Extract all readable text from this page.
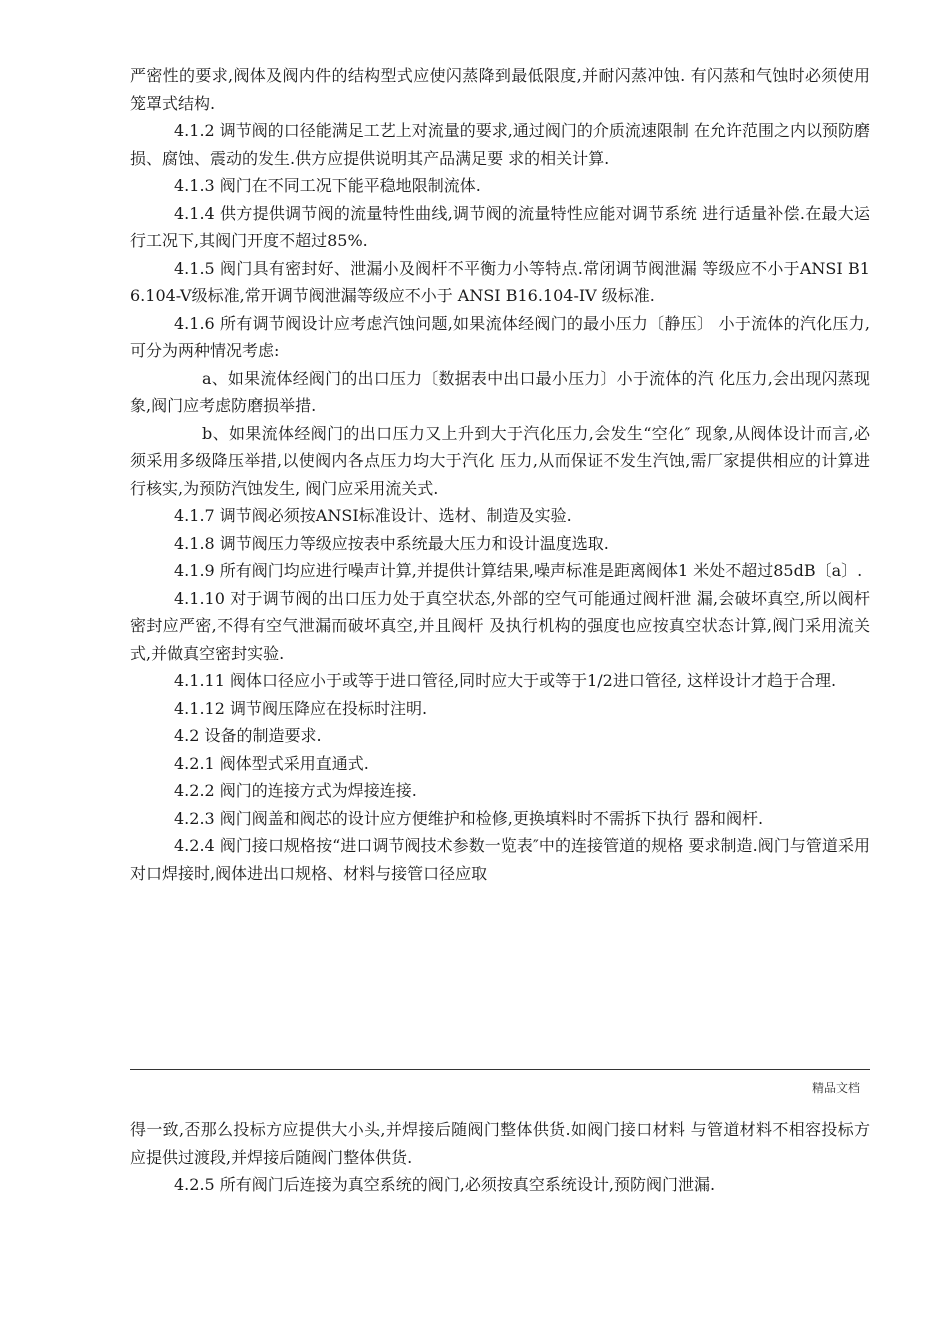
严密性的要求,阀体及阀内件的结构型式应使闪蒸降到最低限度,并耐闪蒸冲蚀. 有闪蒸和气蚀时必须使用笼罩式结构.

4.1.2 调节阀的口径能满足工艺上对流量的要求,通过阀门的介质流速限制 在允许范围之内以预防磨损、腐蚀、震动的发生.供方应提供说明其产品满足要 求的相关计算.

4.1.3 阀门在不同工况下能平稳地限制流体.

4.1.4 供方提供调节阀的流量特性曲线,调节阀的流量特性应能对调节系统 进行适量补偿.在最大运行工况下,其阀门开度不超过85%.

4.1.5 阀门具有密封好、泄漏小及阀杆不平衡力小等特点.常闭调节阀泄漏 等级应不小于ANSI B16.104-V级标准,常开调节阀泄漏等级应不小于 ANSI B16.104-IV 级标准.

4.1.6 所有调节阀设计应考虑汽蚀问题,如果流体经阀门的最小压力〔静压〕 小于流体的汽化压力,可分为两种情况考虑:

a、如果流体经阀门的出口压力〔数据表中出口最小压力〕小于流体的汽 化压力,会出现闪蒸现象,阀门应考虑防磨损举措.

b、如果流体经阀门的出口压力又上升到大于汽化压力,会发生“空化″ 现象,从阀体设计而言,必须采用多级降压举措,以使阀内各点压力均大于汽化 压力,从而保证不发生汽蚀,需厂家提供相应的计算进行核实,为预防汽蚀发生, 阀门应采用流关式.

4.1.7 调节阀必须按ANSI标准设计、选材、制造及实验.

4.1.8 调节阀压力等级应按表中系统最大压力和设计温度选取.

4.1.9 所有阀门均应进行噪声计算,并提供计算结果,噪声标准是距离阀体1 米处不超过85dB〔a〕.

4.1.10 对于调节阀的出口压力处于真空状态,外部的空气可能通过阀杆泄 漏,会破坏真空,所以阀杆密封应严密,不得有空气泄漏而破坏真空,并且阀杆 及执行机构的强度也应按真空状态计算,阀门采用流关式,并做真空密封实验.

4.1.11 阀体口径应小于或等于进口管径,同时应大于或等于1/2进口管径, 这样设计才趋于合理.

4.1.12 调节阀压降应在投标时注明.

4.2 设备的制造要求.

4.2.1 阀体型式采用直通式.

4.2.2 阀门的连接方式为焊接连接.

4.2.3 阀门阀盖和阀芯的设计应方便维护和检修,更换填料时不需拆下执行 器和阀杆.

4.2.4 阀门接口规格按“进口调节阀技术参数一览表″中的连接管道的规格 要求制造.阀门与管道采用对口焊接时,阀体进出口规格、材料与接管口径应取

精品文档

得一致,否那么投标方应提供大小头,并焊接后随阀门整体供货.如阀门接口材料 与管道材料不相容投标方应提供过渡段,并焊接后随阀门整体供货.

4.2.5 所有阀门后连接为真空系统的阀门,必须按真空系统设计,预防阀门泄漏.
